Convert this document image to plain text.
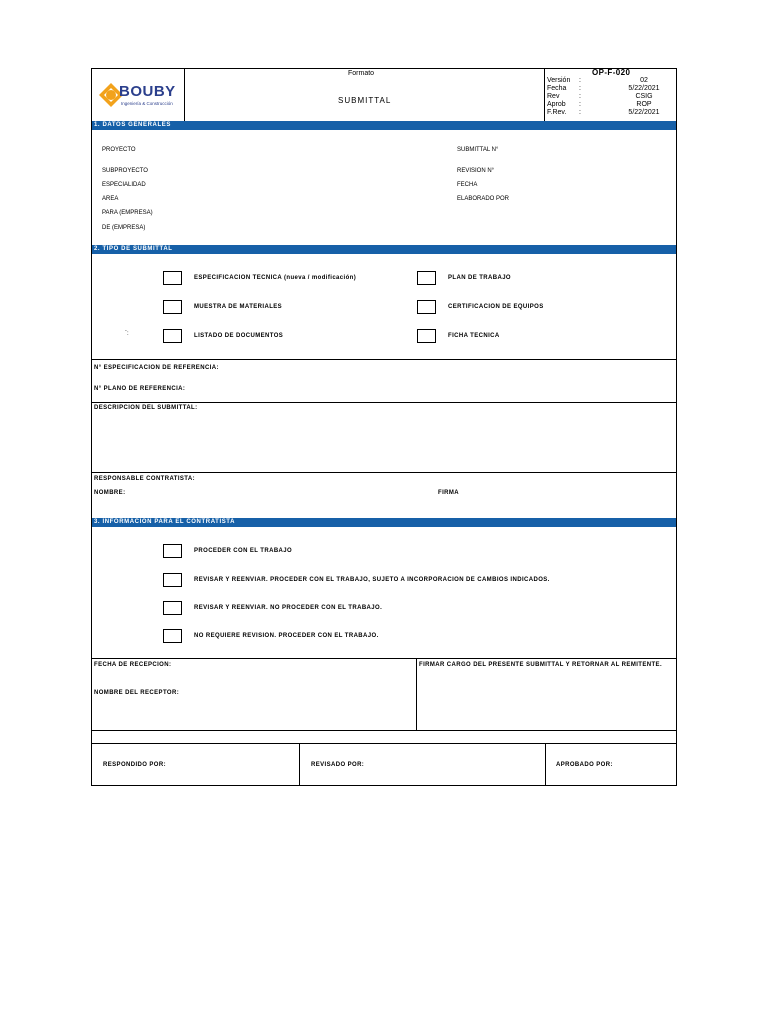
BOUBY
Ingeniería & Construcción
Formato
SUBMITTAL
OP-F-020
Versión :	02
Fecha :	5/22/2021
Rev	:	CSIG
Aprob :	ROP
F.Rev. :	5/22/2021
1. DATOS GENERALES
PROYECTO
SUBPROYECTO
ESPECIALIDAD
AREA
PARA (EMPRESA)
DE (EMPRESA)
SUBMITTAL N°
REVISION N°
FECHA
ELABORADO POR
2. TIPO DE SUBMITTAL
ESPECIFICACION TECNICA (nueva / modificación)
MUESTRA DE MATERIALES
LISTADO DE DOCUMENTOS
`:
PLAN DE TRABAJO
CERTIFICACION DE EQUIPOS
FICHA TECNICA
N° ESPECIFICACION DE REFERENCIA:
N° PLANO DE REFERENCIA:
DESCRIPCION DEL SUBMITTAL:
RESPONSABLE CONTRATISTA:
NOMBRE:	FIRMA
3. INFORMACION PARA EL CONTRATISTA
PROCEDER CON EL TRABAJO
REVISAR Y REENVIAR. PROCEDER CON EL TRABAJO, SUJETO A INCORPORACION DE CAMBIOS INDICADOS.
REVISAR Y REENVIAR. NO PROCEDER CON EL TRABAJO.
NO REQUIERE REVISION. PROCEDER CON EL TRABAJO.
FECHA DE RECEPCION:
NOMBRE DEL RECEPTOR:
FIRMAR CARGO DEL PRESENTE SUBMITTAL Y RETORNAR AL REMITENTE.
RESPONDIDO POR:	REVISADO POR:	APROBADO POR:
